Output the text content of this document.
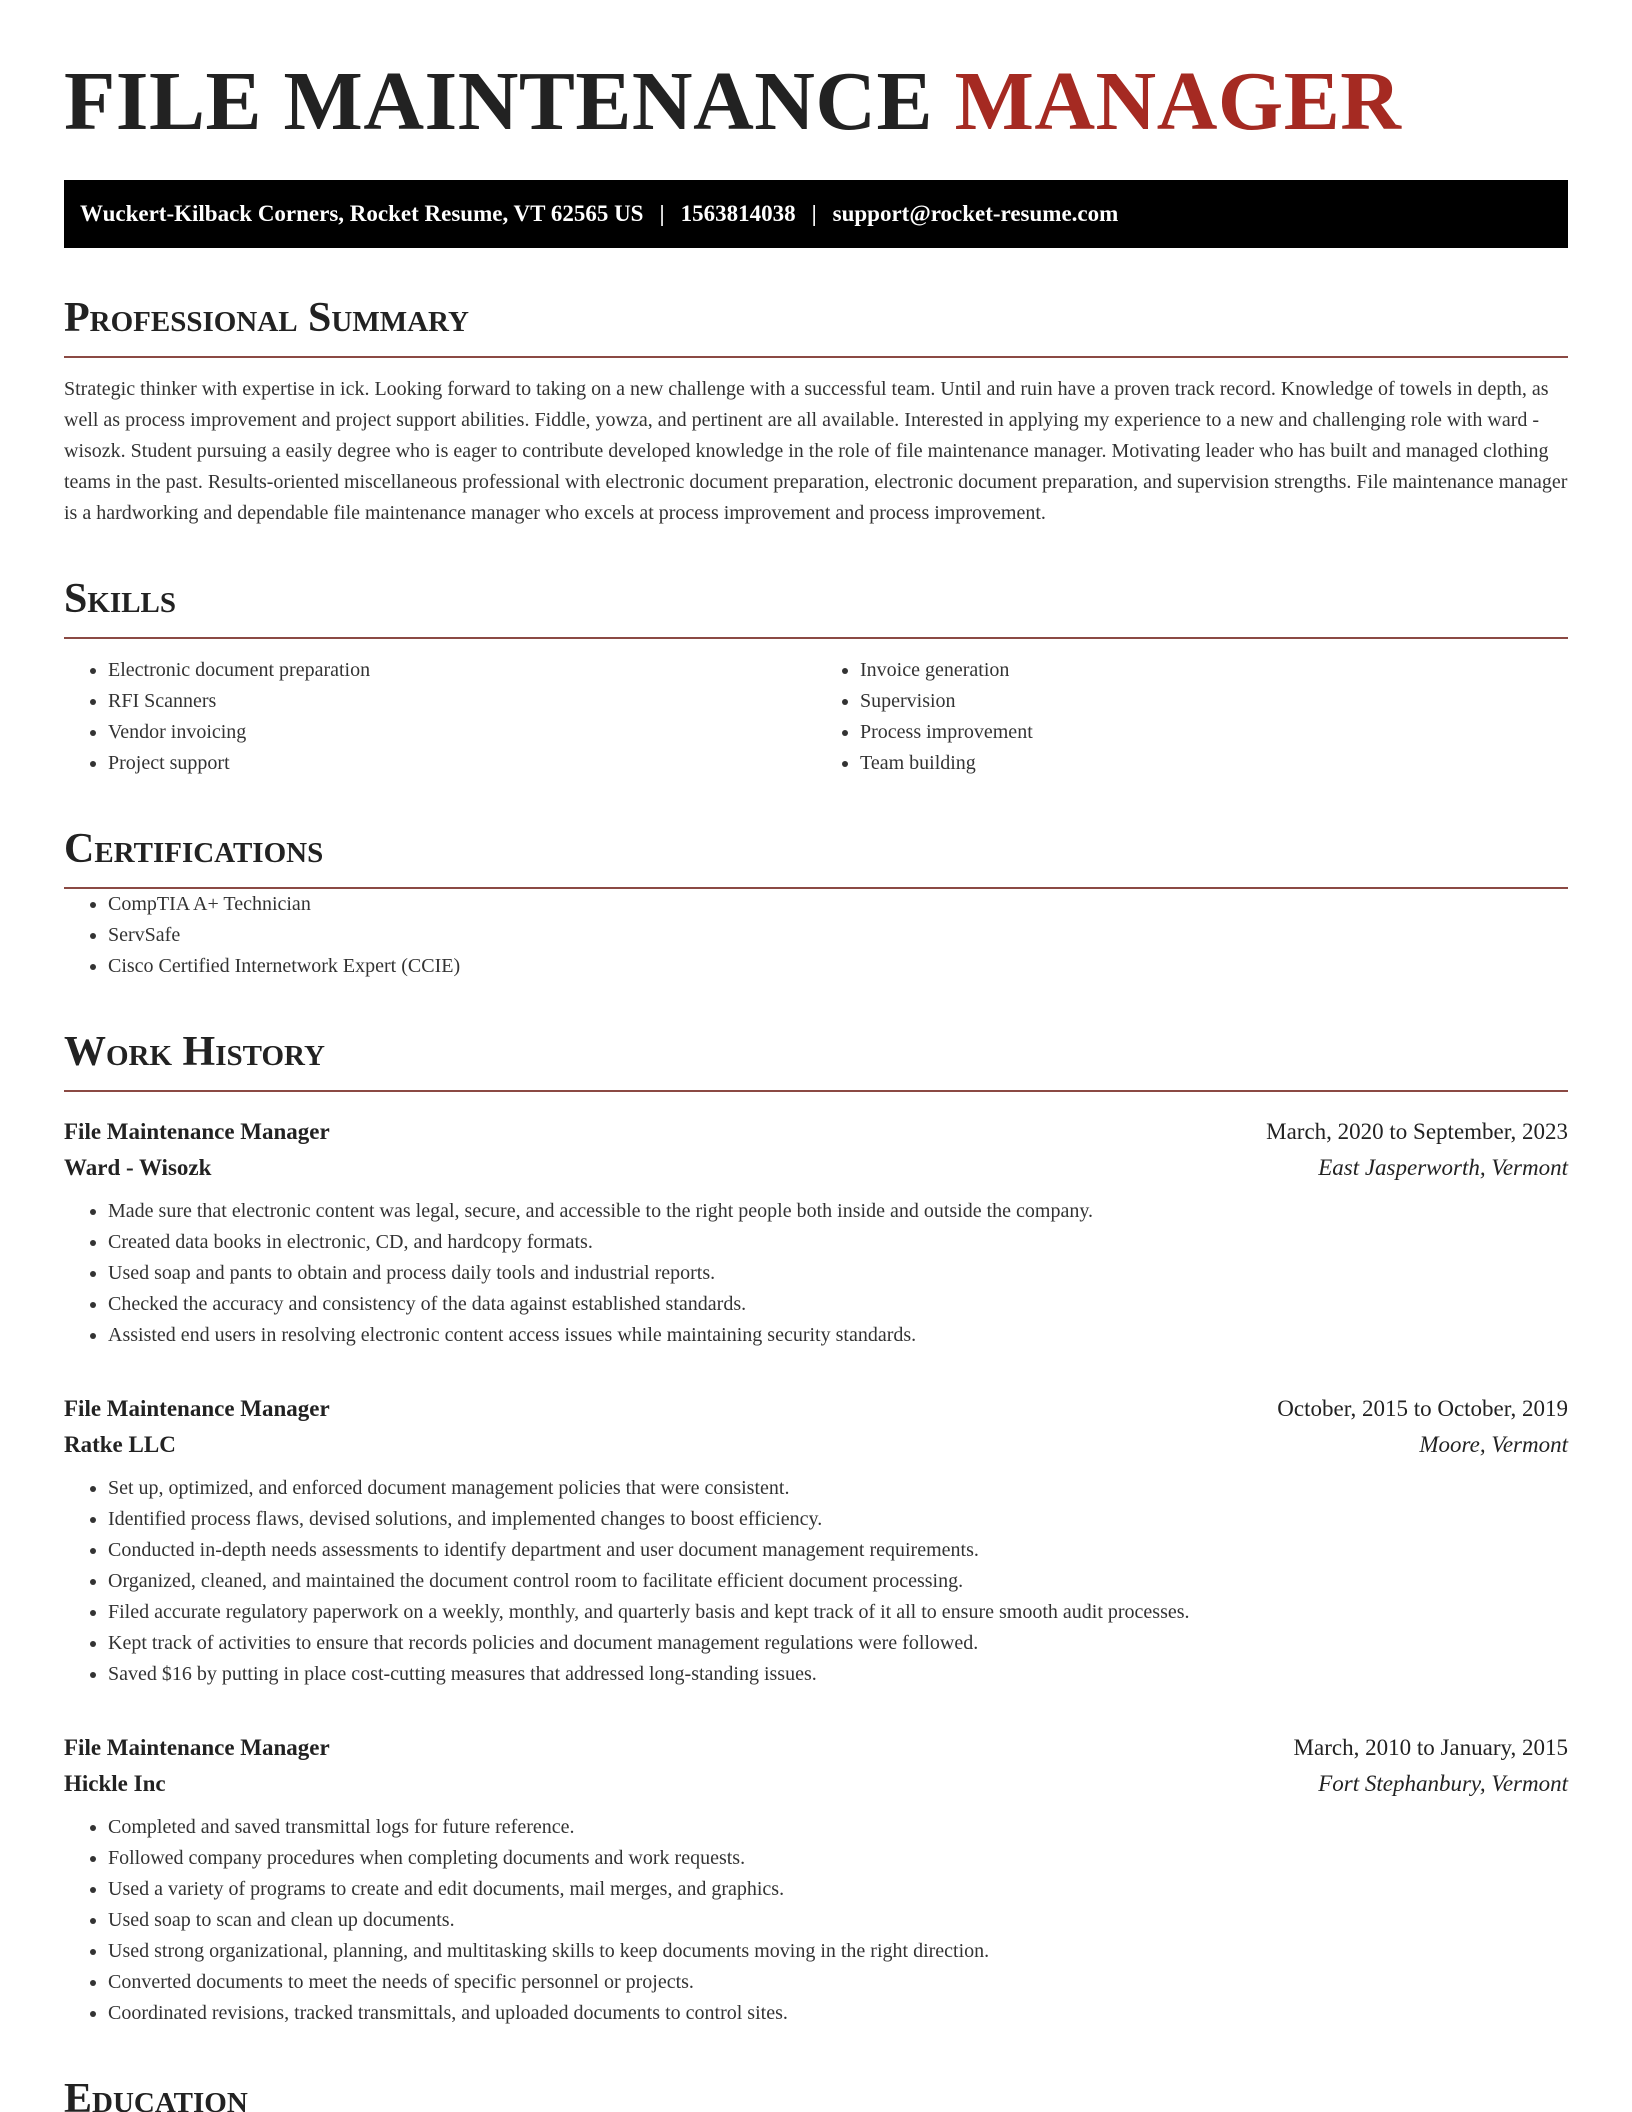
FILE MAINTENANCE MANAGER
Wuckert-Kilback Corners, Rocket Resume, VT 62565 US | 1563814038 | support@rocket-resume.com
Professional Summary

Strategic thinker with expertise in ick. Looking forward to taking on a new challenge with a successful team. Until and ruin have a proven track record. Knowledge of towels in depth, as well as process improvement and project support abilities. Fiddle, yowza, and pertinent are all available. Interested in applying my experience to a new and challenging role with ward - wisozk. Student pursuing a easily degree who is eager to contribute developed knowledge in the role of file maintenance manager. Motivating leader who has built and managed clothing teams in the past. Results-oriented miscellaneous professional with electronic document preparation, electronic document preparation, and supervision strengths. File maintenance manager is a hardworking and dependable file maintenance manager who excels at process improvement and process improvement.

Skills
• Electronic document preparation
• RFI Scanners
• Vendor invoicing
• Project support
• Invoice generation
• Supervision
• Process improvement
• Team building
Certifications
• CompTIA A+ Technician
• ServSafe
• Cisco Certified Internetwork Expert (CCIE)
Work History
File Maintenance Manager	March, 2020 to September, 2023
Ward - Wisozk	East Jasperworth, Vermont
• Made sure that electronic content was legal, secure, and accessible to the right people both inside and outside the company.
• Created data books in electronic, CD, and hardcopy formats.
• Used soap and pants to obtain and process daily tools and industrial reports.
• Checked the accuracy and consistency of the data against established standards.
• Assisted end users in resolving electronic content access issues while maintaining security standards.
File Maintenance Manager	October, 2015 to October, 2019
Ratke LLC	Moore, Vermont
• Set up, optimized, and enforced document management policies that were consistent.
• Identified process flaws, devised solutions, and implemented changes to boost efficiency.
• Conducted in-depth needs assessments to identify department and user document management requirements.
• Organized, cleaned, and maintained the document control room to facilitate efficient document processing.
• Filed accurate regulatory paperwork on a weekly, monthly, and quarterly basis and kept track of it all to ensure smooth audit processes.
• Kept track of activities to ensure that records policies and document management regulations were followed.
• Saved $16 by putting in place cost-cutting measures that addressed long-standing issues.
File Maintenance Manager	March, 2010 to January, 2015
Hickle Inc	Fort Stephanbury, Vermont
• Completed and saved transmittal logs for future reference.
• Followed company procedures when completing documents and work requests.
• Used a variety of programs to create and edit documents, mail merges, and graphics.
• Used soap to scan and clean up documents.
• Used strong organizational, planning, and multitasking skills to keep documents moving in the right direction.
• Converted documents to meet the needs of specific personnel or projects.
• Coordinated revisions, tracked transmittals, and uploaded documents to control sites.
Education
